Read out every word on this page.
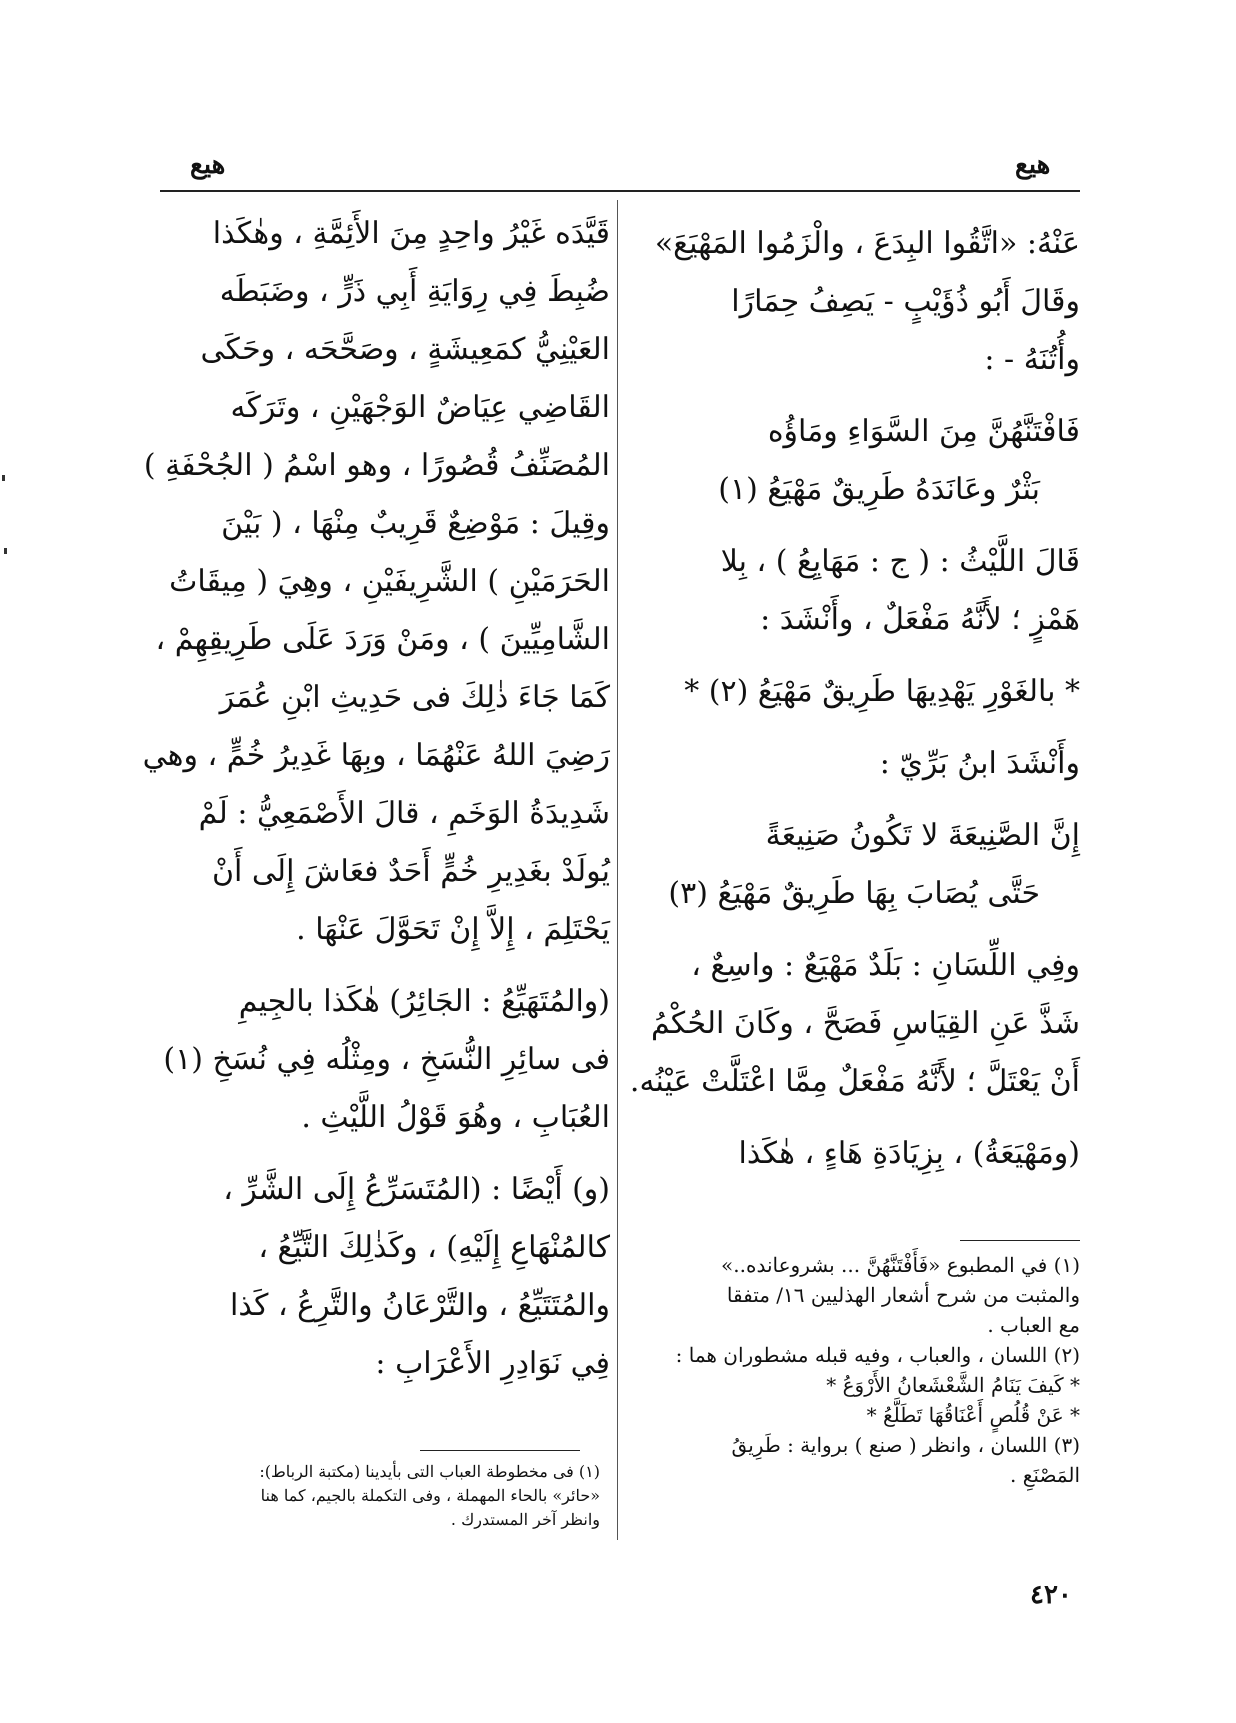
هيع
هيع

عَنْهُ: «اتَّقُوا البِدَعَ ، والْزَمُوا المَهْيَعَ»
وقَالَ أَبُو ذُؤَيْبٍ - يَصِفُ حِمَارًا
وأُتُنَهُ - :

فَافْتَنَّهُنَّ مِنَ السَّوَاءِ ومَاؤُه
بَثْرٌ وعَانَدَهُ طَرِيقٌ مَهْيَعُ (١)

قَالَ اللَّيْثُ : ( ج : مَهَايِعُ ) ، بِلا
هَمْزٍ ؛ لأَنَّهُ مَفْعَلٌ ، وأَنْشَدَ :

* بالغَوْرِ يَهْدِيهَا طَرِيقٌ مَهْيَعُ (٢) *

وأَنْشَدَ ابنُ بَرِّيّ :

إِنَّ الصَّنِيعَةَ لا تَكُونُ صَنِيعَةً
حَتَّى يُصَابَ بِهَا طَرِيقٌ مَهْيَعُ (٣)

وفِي اللِّسَانِ : بَلَدٌ مَهْيَعٌ : واسِعٌ ،
شَذَّ عَنِ القِيَاسِ فَصَحَّ ، وكَانَ الحُكْمُ
أَنْ يَعْتَلَّ ؛ لأَنَّهُ مَفْعَلٌ مِمَّا اعْتَلَّتْ عَيْنُه.

(ومَهْيَعَةُ) ، بِزِيَادَةِ هَاءٍ ، هٰكَذا

(١) في المطبوع «فَأَفْتَنَّهُنَّ ... بشروعانده..»
والمثبت من شرح أشعار الهذليين ١٦/ متفقا
مع العباب .
(٢) اللسان ، والعباب ، وفيه قبله مشطوران هما :
* كَيفَ يَنَامُ الشَّعْشَعانُ الأَرْوَعُ *
* عَنْ قُلُصٍ أَعْنَاقُهَا تَطَلَّعُ *
(٣) اللسان ، وانظر ( صنع ) برواية : طَرِيقُ
المَصْنَعِ .

قَيَّدَه غَيْرُ واحِدٍ مِنَ الأَئِمَّةِ ، وهٰكَذا
ضُبِطَ فِي رِوَايَةِ أَبِي ذَرٍّ ، وضَبَطَه
العَيْنِيُّ كمَعِيشَةٍ ، وصَحَّحَه ، وحَكَى
القَاضِي عِيَاضٌ الوَجْهَيْنِ ، وتَرَكَه
المُصَنِّفُ قُصُورًا ، وهو اسْمُ ( الجُحْفَةِ )
وقِيلَ : مَوْضِعٌ قَرِيبٌ مِنْهَا ، ( بَيْنَ
الحَرَمَيْنِ ) الشَّرِيفَيْنِ ، وهِيَ ( مِيقَاتُ
الشَّامِيِّينَ ) ، ومَنْ وَرَدَ عَلَى طَرِيقِهِمْ ،
كَمَا جَاءَ ذٰلِكَ فى حَدِيثِ ابْنِ عُمَرَ
رَضِيَ اللهُ عَنْهُمَا ، وبِهَا غَدِيرُ خُمٍّ ، وهي
شَدِيدَةُ الوَخَمِ ، قالَ الأَصْمَعِيُّ : لَمْ
يُولَدْ بغَدِيرِ خُمٍّ أَحَدٌ فعَاشَ إِلَى أَنْ
يَحْتَلِمَ ، إِلاَّ إِنْ تَحَوَّلَ عَنْهَا .

(والمُتَهَيِّعُ : الجَائِرُ) هٰكَذا بالجِيمِ
فى سائِرِ النُّسَخِ ، ومِثْلُه فِي نُسَخِ (١)
العُبَابِ ، وهُوَ قَوْلُ اللَّيْثِ .

(و) أَيْضًا : (المُتَسَرِّعُ إِلَى الشَّرِّ ،
كالمُنْهَاعِ إِلَيْهِ) ، وكَذٰلِكَ التَّيِّعُ ،
والمُتَتَيِّعُ ، والتَّرْعَانُ والتَّرِعُ ، كَذا
فِي نَوَادِرِ الأَعْرَابِ :

(١) فى مخطوطة العباب التى بأيدينا (مكتبة الرباط):
«حائر» بالحاء المهملة ، وفى التكملة بالجيم، كما هنا
وانظر آخر المستدرك .
٤٢٠
